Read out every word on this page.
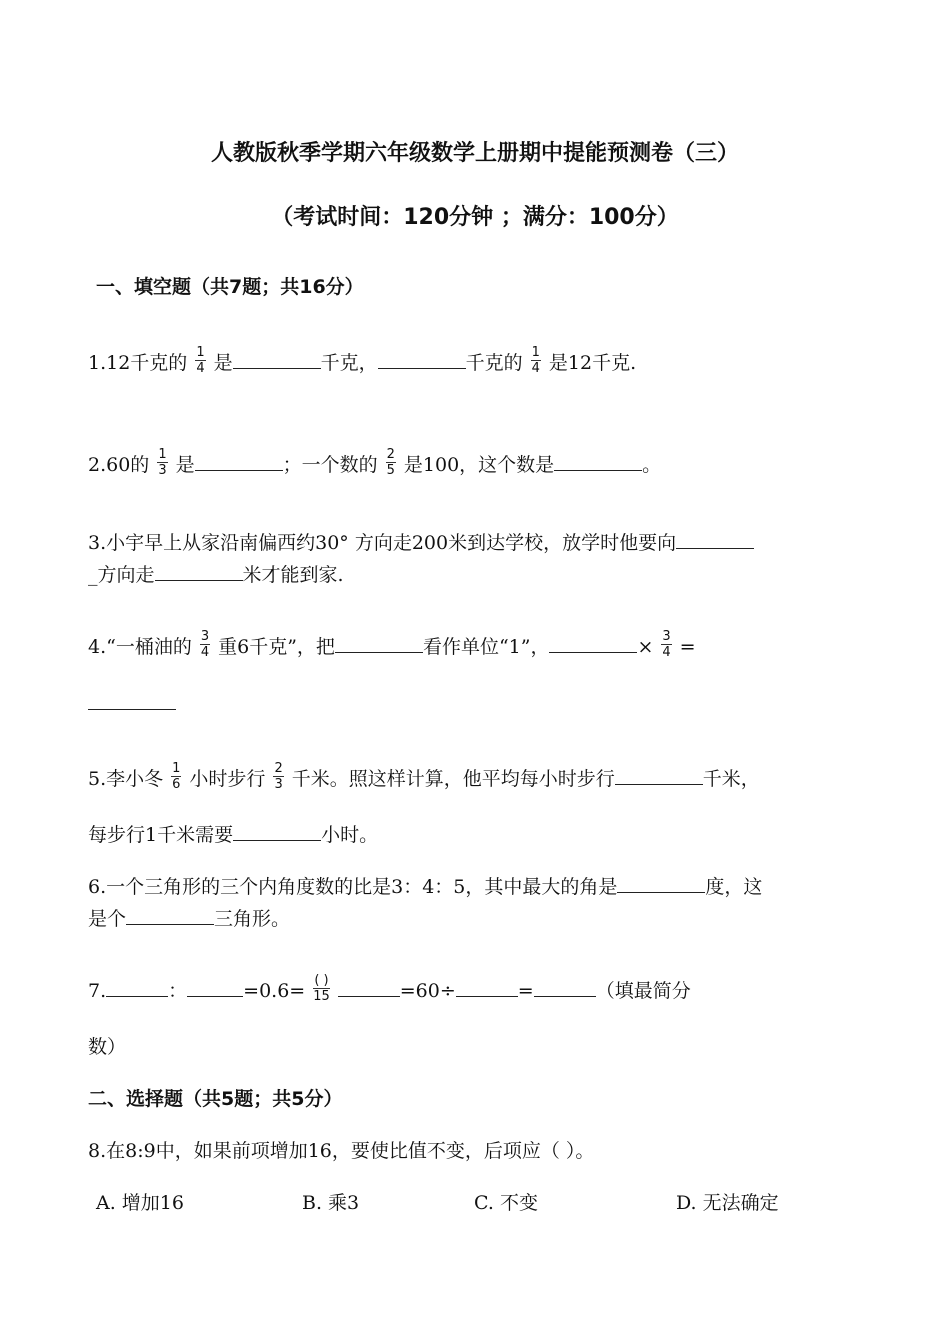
人教版秋季学期六年级数学上册期中提能预测卷（三）
（考试时间：120分钟 ；满分：100分）
一、填空题（共7题；共16分）
1.12千克的 $\frac{1}{4}$ 是	千克，	千克的 $\frac{1}{4}$ 是12千克.
2.60的 $\frac{1}{3}$ 是	；一个数的 $\frac{2}{5}$ 是100，这个数是	。
3.小宇早上从家沿南偏西约30° 方向走200米到达学校，放学时他要向
_方向走	米才能到家.
4.“一桶油的 $\frac{3}{4}$ 重6千克”，把	看作单位“1”，	× $\frac{3}{4}$ =
5.李小冬 $\frac{1}{6}$ 小时步行 $\frac{2}{3}$ 千米。照这样计算，他平均每小时步行	千米，
每步行1千米需要	小时。
6.一个三角形的三个内角度数的比是3：4：5，其中最大的角是	度，这
是个	三角形。
7.	：	$=0.6= \frac{( )}{15}$	=60÷	=	（填最简分
数）
二、选择题（共5题；共5分）
8.在8:9中，如果前项增加16，要使比值不变，后项应（ ）。
A. 增加16	B. 乘3	C. 不变	D. 无法确定
